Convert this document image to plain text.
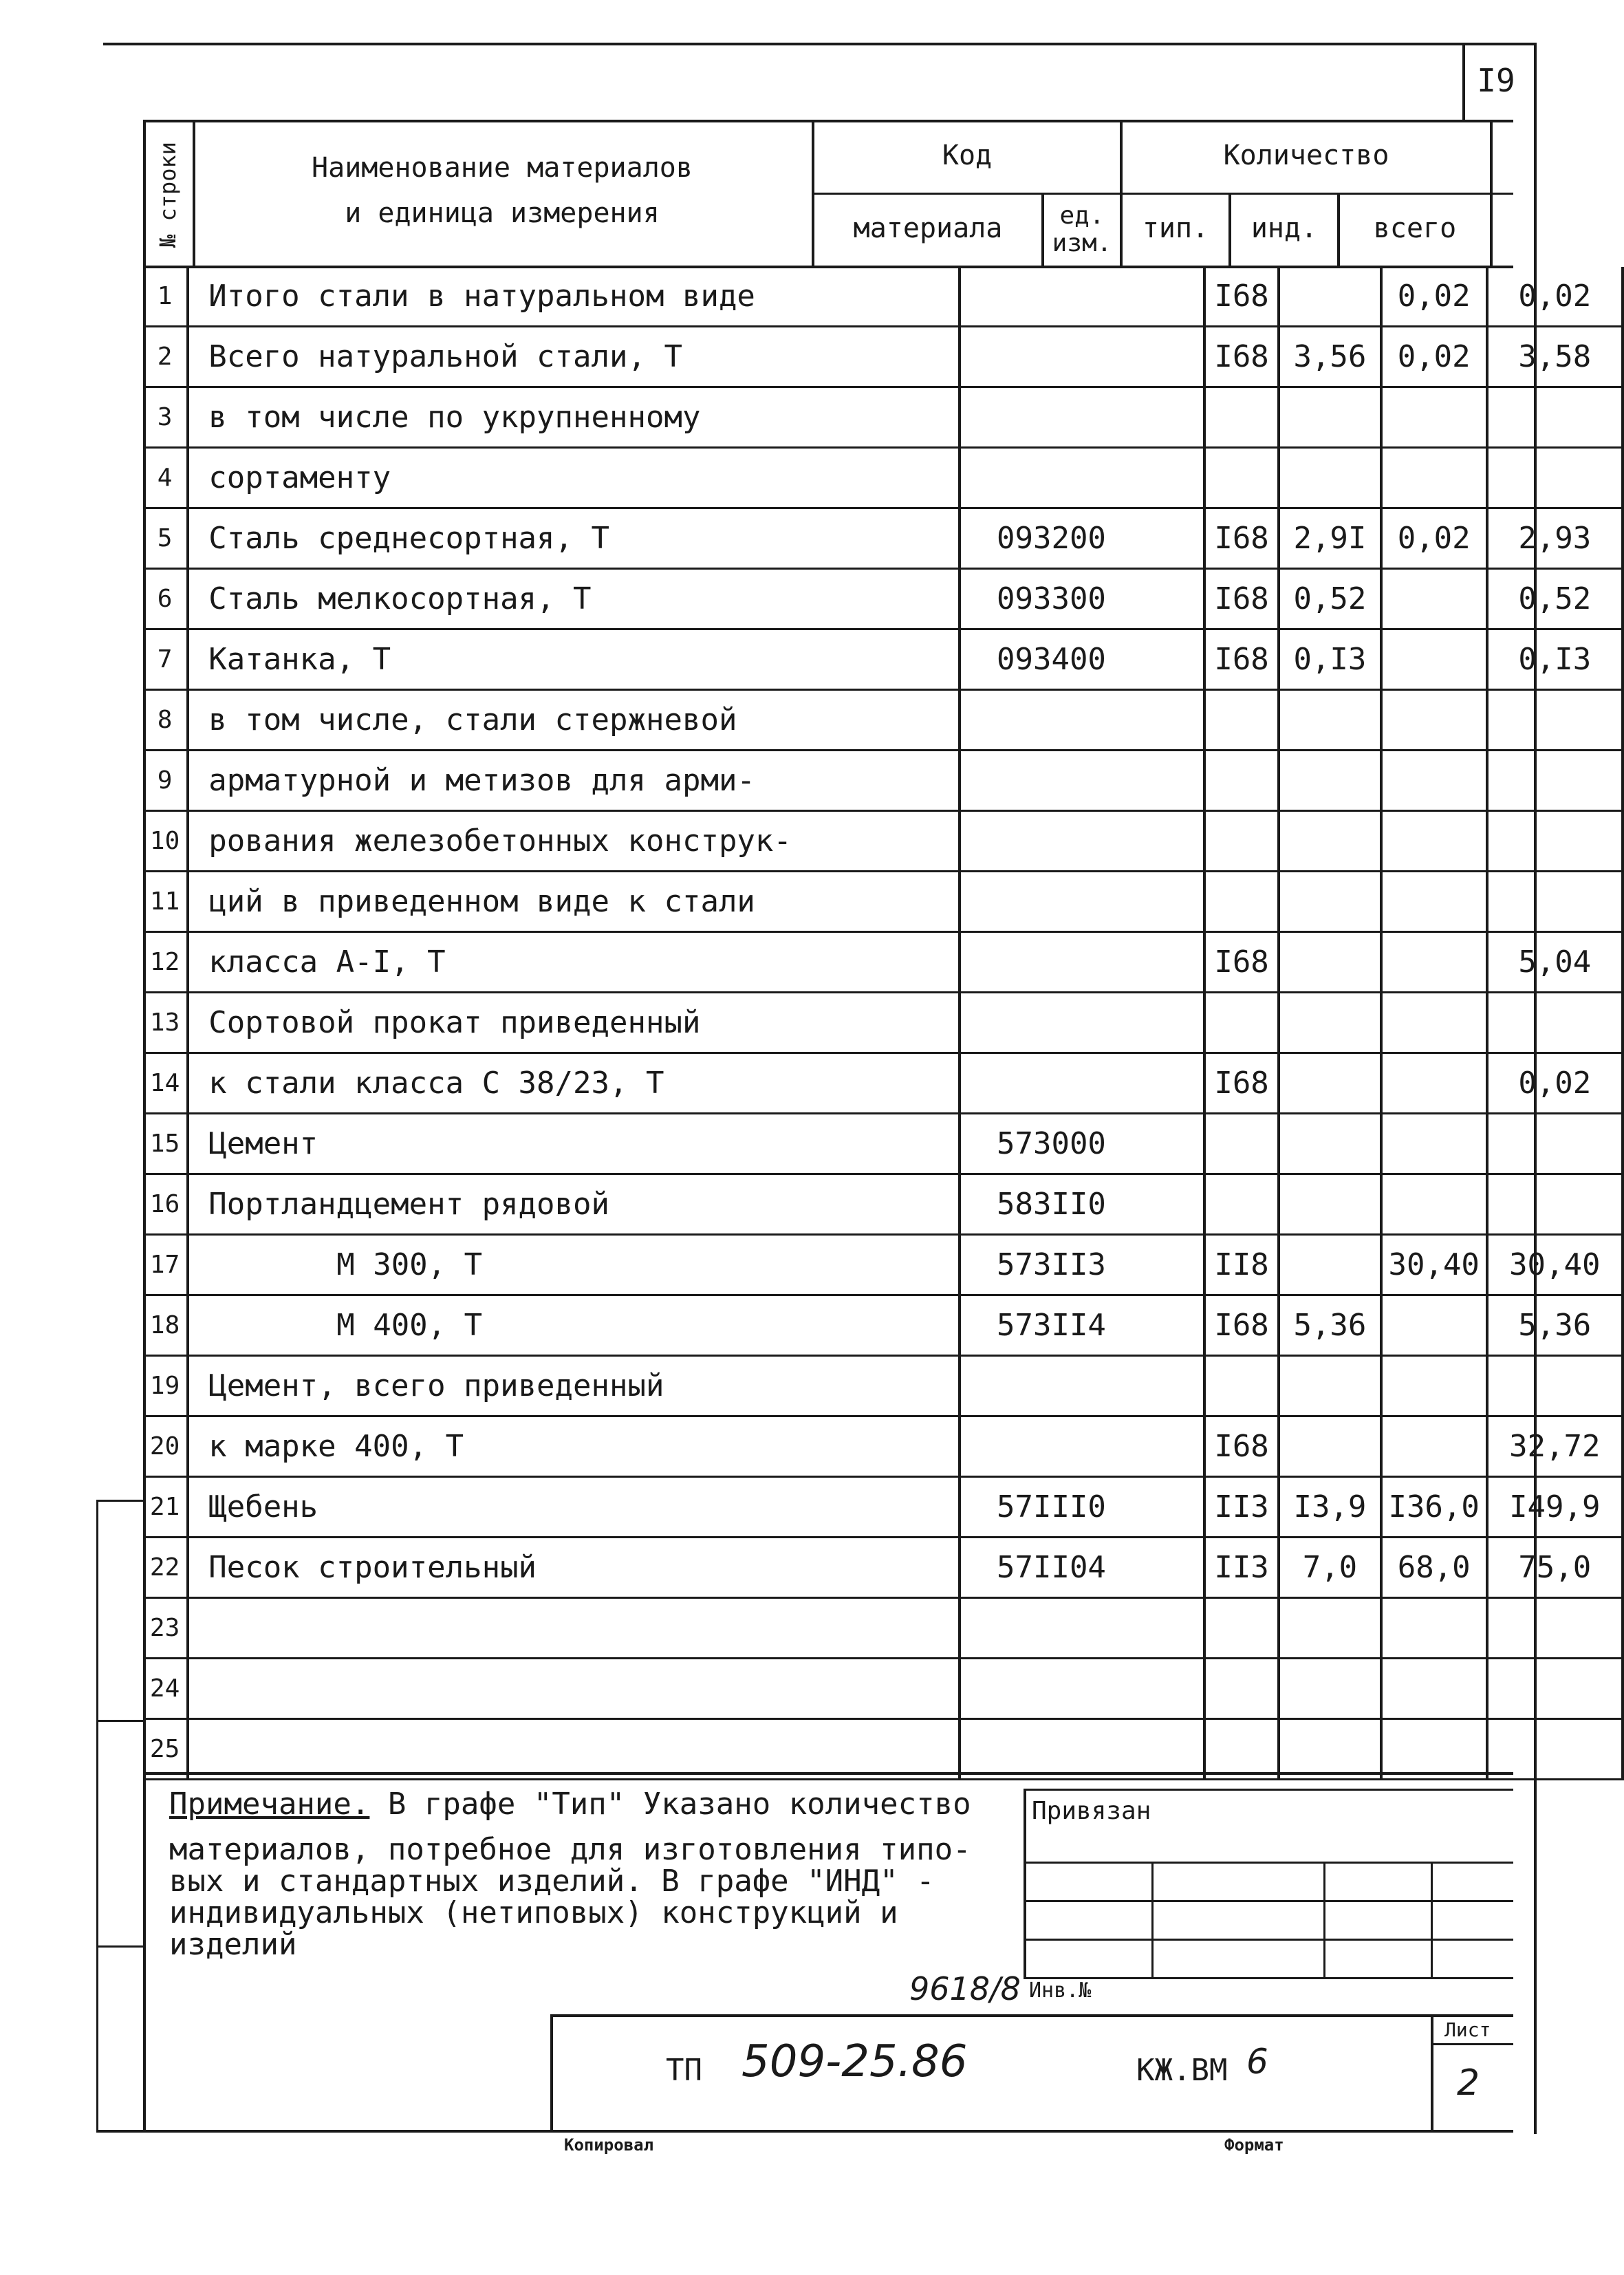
I9
№ строки	Наименование материалов
и единица измерения
Код
материала	ед. изм.
Количество
тип.	инд.	всего
1	Итого стали в натуральном виде		I68		0,02	0,02
2	Всего натуральной стали, Т		I68	3,56	0,02	3,58
3	в том числе по укрупненному					
4	сортаменту					
5	Сталь среднесортная, Т	093200	I68	2,9I	0,02	2,93
6	Сталь мелкосортная, Т	093300	I68	0,52		0,52
7	Катанка, Т	093400	I68	0,I3		0,I3
8	в том числе, стали стержневой					
9	арматурной и метизов для арми-					
10	рования железобетонных конструк-					
11	ций в приведенном виде к стали					
12	класса А-I, Т		I68			5,04
13	Сортовой прокат приведенный					
14	к стали класса С 38/23, Т		I68			0,02
15	Цемент	573000				
16	Портландцемент рядовой	583II0				
17	М 300, Т	573II3	II8		30,40	30,40
18	М 400, Т	573II4	I68	5,36		5,36
19	Цемент, всего приведенный					
20	к марке 400, Т		I68			32,72
21	Щебень	57III0	II3	I3,9	I36,0	I49,9
22	Песок строительный	57II04	II3	7,0	68,0	75,0
23						
24						
25						
Примечание. В графе "Тип" Указано количество
материалов, потребное для изготовления типо-
вых и стандартных изделий. В графе "ИНД" -
индивидуальных (нетиповых) конструкций и
изделий
Привязан
Инв.№
9618/8
ТП 509-25.86	КЖ.ВМ 6
Лист
2
Копировал	Формат
